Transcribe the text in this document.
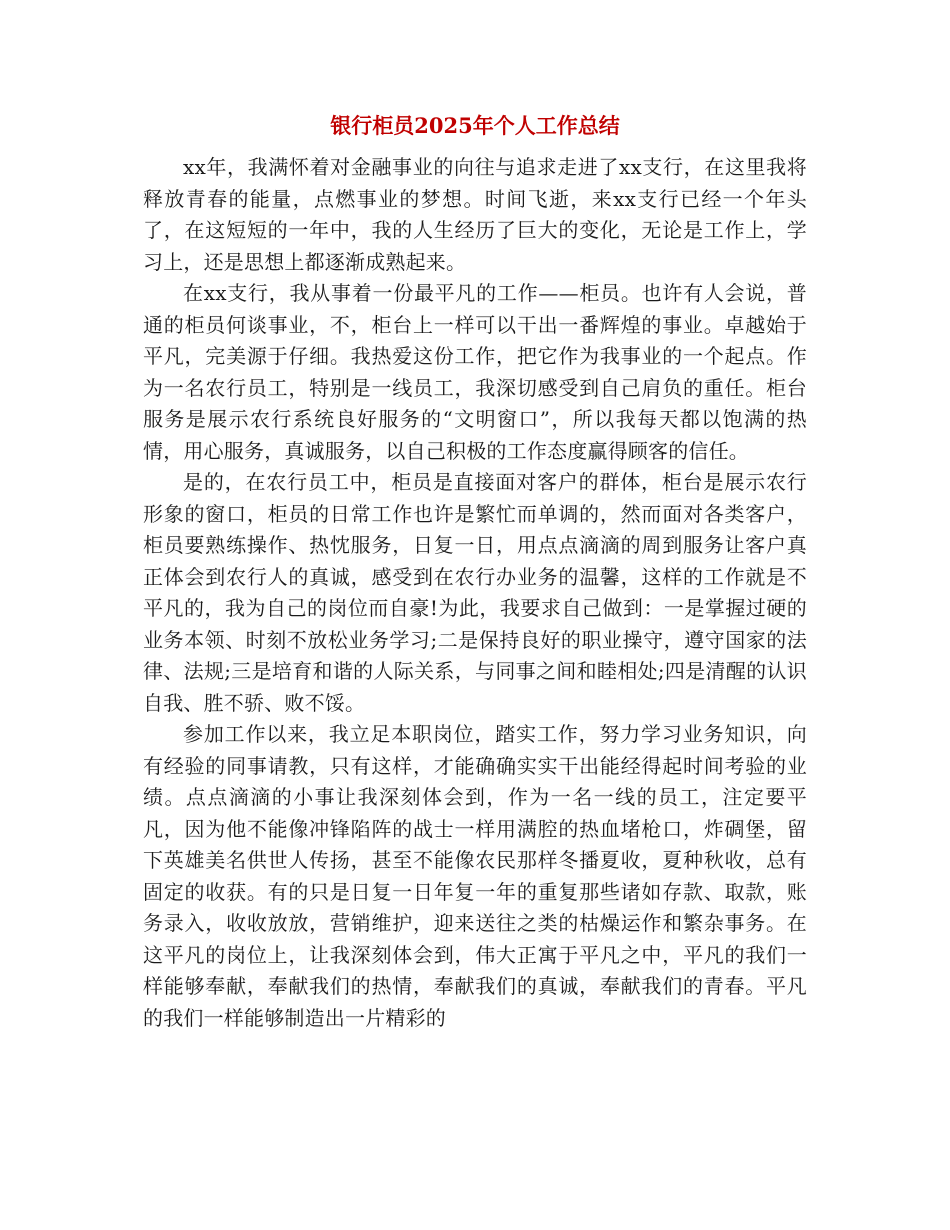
银行柜员2025年个人工作总结

xx年，我满怀着对金融事业的向往与追求走进了xx支行，在这里我将释放青春的能量，点燃事业的梦想。时间飞逝，来xx支行已经一个年头了，在这短短的一年中，我的人生经历了巨大的变化，无论是工作上，学习上，还是思想上都逐渐成熟起来。

在xx支行，我从事着一份最平凡的工作——柜员。也许有人会说，普通的柜员何谈事业，不，柜台上一样可以干出一番辉煌的事业。卓越始于平凡，完美源于仔细。我热爱这份工作，把它作为我事业的一个起点。作为一名农行员工，特别是一线员工，我深切感受到自己肩负的重任。柜台服务是展示农行系统良好服务的“文明窗口”，所以我每天都以饱满的热情，用心服务，真诚服务，以自己积极的工作态度赢得顾客的信任。

是的，在农行员工中，柜员是直接面对客户的群体，柜台是展示农行形象的窗口，柜员的日常工作也许是繁忙而单调的，然而面对各类客户，柜员要熟练操作、热忱服务，日复一日，用点点滴滴的周到服务让客户真正体会到农行人的真诚，感受到在农行办业务的温馨，这样的工作就是不平凡的，我为自己的岗位而自豪!为此，我要求自己做到：一是掌握过硬的业务本领、时刻不放松业务学习;二是保持良好的职业操守，遵守国家的法律、法规;三是培育和谐的人际关系，与同事之间和睦相处;四是清醒的认识自我、胜不骄、败不馁。

参加工作以来，我立足本职岗位，踏实工作，努力学习业务知识，向有经验的同事请教，只有这样，才能确确实实干出能经得起时间考验的业绩。点点滴滴的小事让我深刻体会到，作为一名一线的员工，注定要平凡，因为他不能像冲锋陷阵的战士一样用满腔的热血堵枪口，炸碉堡，留下英雄美名供世人传扬，甚至不能像农民那样冬播夏收，夏种秋收，总有固定的收获。有的只是日复一日年复一年的重复那些诸如存款、取款，账务录入，收收放放，营销维护，迎来送往之类的枯燥运作和繁杂事务。在这平凡的岗位上，让我深刻体会到，伟大正寓于平凡之中，平凡的我们一样能够奉献，奉献我们的热情，奉献我们的真诚，奉献我们的青春。平凡的我们一样能够制造出一片精彩的
